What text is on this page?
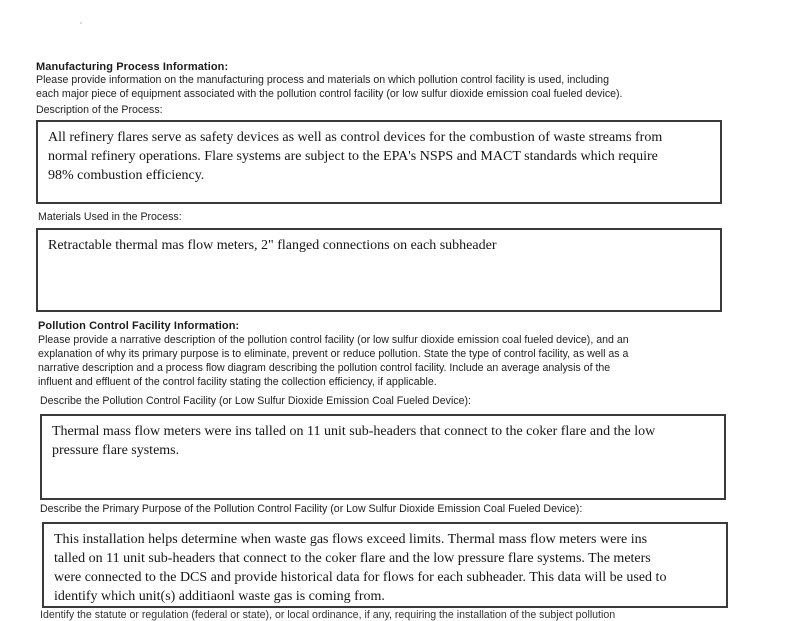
Manufacturing Process Information:
Please provide information on the manufacturing process and materials on which pollution control facility is used, including
each major piece of equipment associated with the pollution control facility (or low sulfur dioxide emission coal fueled device).
Description of the Process:

All refinery flares serve as safety devices as well as control devices for the combustion of waste streams from
normal refinery operations. Flare systems are subject to the EPA's NSPS and MACT standards which require
98% combustion efficiency.

Materials Used in the Process:

Retractable thermal mas flow meters, 2" flanged connections on each subheader

Pollution Control Facility Information:
Please provide a narrative description of the pollution control facility (or low sulfur dioxide emission coal fueled device), and an
explanation of why its primary purpose is to eliminate, prevent or reduce pollution. State the type of control facility, as well as a
narrative description and a process flow diagram describing the pollution control facility. Include an average analysis of the
influent and effluent of the control facility stating the collection efficiency, if applicable.
Describe the Pollution Control Facility (or Low Sulfur Dioxide Emission Coal Fueled Device):

Thermal mass flow meters were ins talled on 11 unit sub-headers that connect to the coker flare and the low
pressure flare systems.

Describe the Primary Purpose of the Pollution Control Facility (or Low Sulfur Dioxide Emission Coal Fueled Device):

This installation helps determine when waste gas flows exceed limits. Thermal mass flow meters were ins
talled on 11 unit sub-headers that connect to the coker flare and the low pressure flare systems. The meters
were connected to the DCS and provide historical data for flows for each subheader. This data will be used to
identify which unit(s) additiaonl waste gas is coming from.

Identify the statute or regulation (federal or state), or local ordinance, if any, requiring the installation of the subject pollution
